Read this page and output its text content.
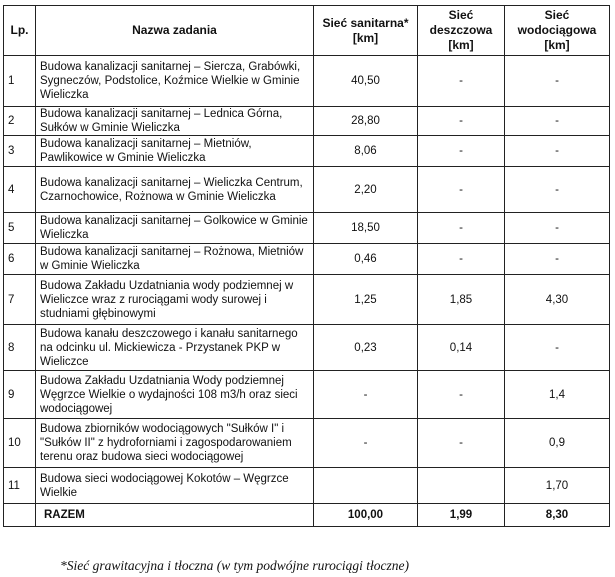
Lp.	Nazwa zadania	Sieć sanitarna* [km]	Sieć deszczowa [km]	Sieć wodociągowa [km]
1	Budowa kanalizacji sanitarnej – Siercza, Grabówki, Sygneczów, Podstolice, Koźmice Wielkie w Gminie Wieliczka	40,50	-	-
2	Budowa kanalizacji sanitarnej – Lednica Górna, Sułków w Gminie Wieliczka	28,80	-	-
3	Budowa kanalizacji sanitarnej – Mietniów, Pawlikowice w Gminie Wieliczka	8,06	-	-
4	Budowa kanalizacji sanitarnej – Wieliczka Centrum, Czarnochowice, Rożnowa w Gminie Wieliczka	2,20	-	-
5	Budowa kanalizacji sanitarnej – Golkowice w Gminie Wieliczka	18,50	-	-
6	Budowa kanalizacji sanitarnej – Rożnowa, Mietniów w Gminie Wieliczka	0,46	-	-
7	Budowa Zakładu Uzdatniania wody podziemnej w Wieliczce wraz z rurociągami wody surowej i studniami głębinowymi	1,25	1,85	4,30
8	Budowa kanału deszczowego i kanału sanitarnego na odcinku ul. Mickiewicza - Przystanek PKP w Wieliczce	0,23	0,14	-
9	Budowa Zakładu Uzdatniania Wody podziemnej Węgrzce Wielkie o wydajności 108 m3/h oraz sieci wodociągowej	-	-	1,4
10	Budowa zbiorników wodociągowych "Sułków I" i "Sułków II" z hydroforniami i zagospodarowaniem terenu oraz budowa sieci wodociągowej	-	-	0,9
11	Budowa sieci wodociągowej Kokotów – Węgrzce Wielkie			1,70
	RAZEM	100,00	1,99	8,30
*Sieć grawitacyjna i tłoczna (w tym podwójne rurociągi tłoczne)
